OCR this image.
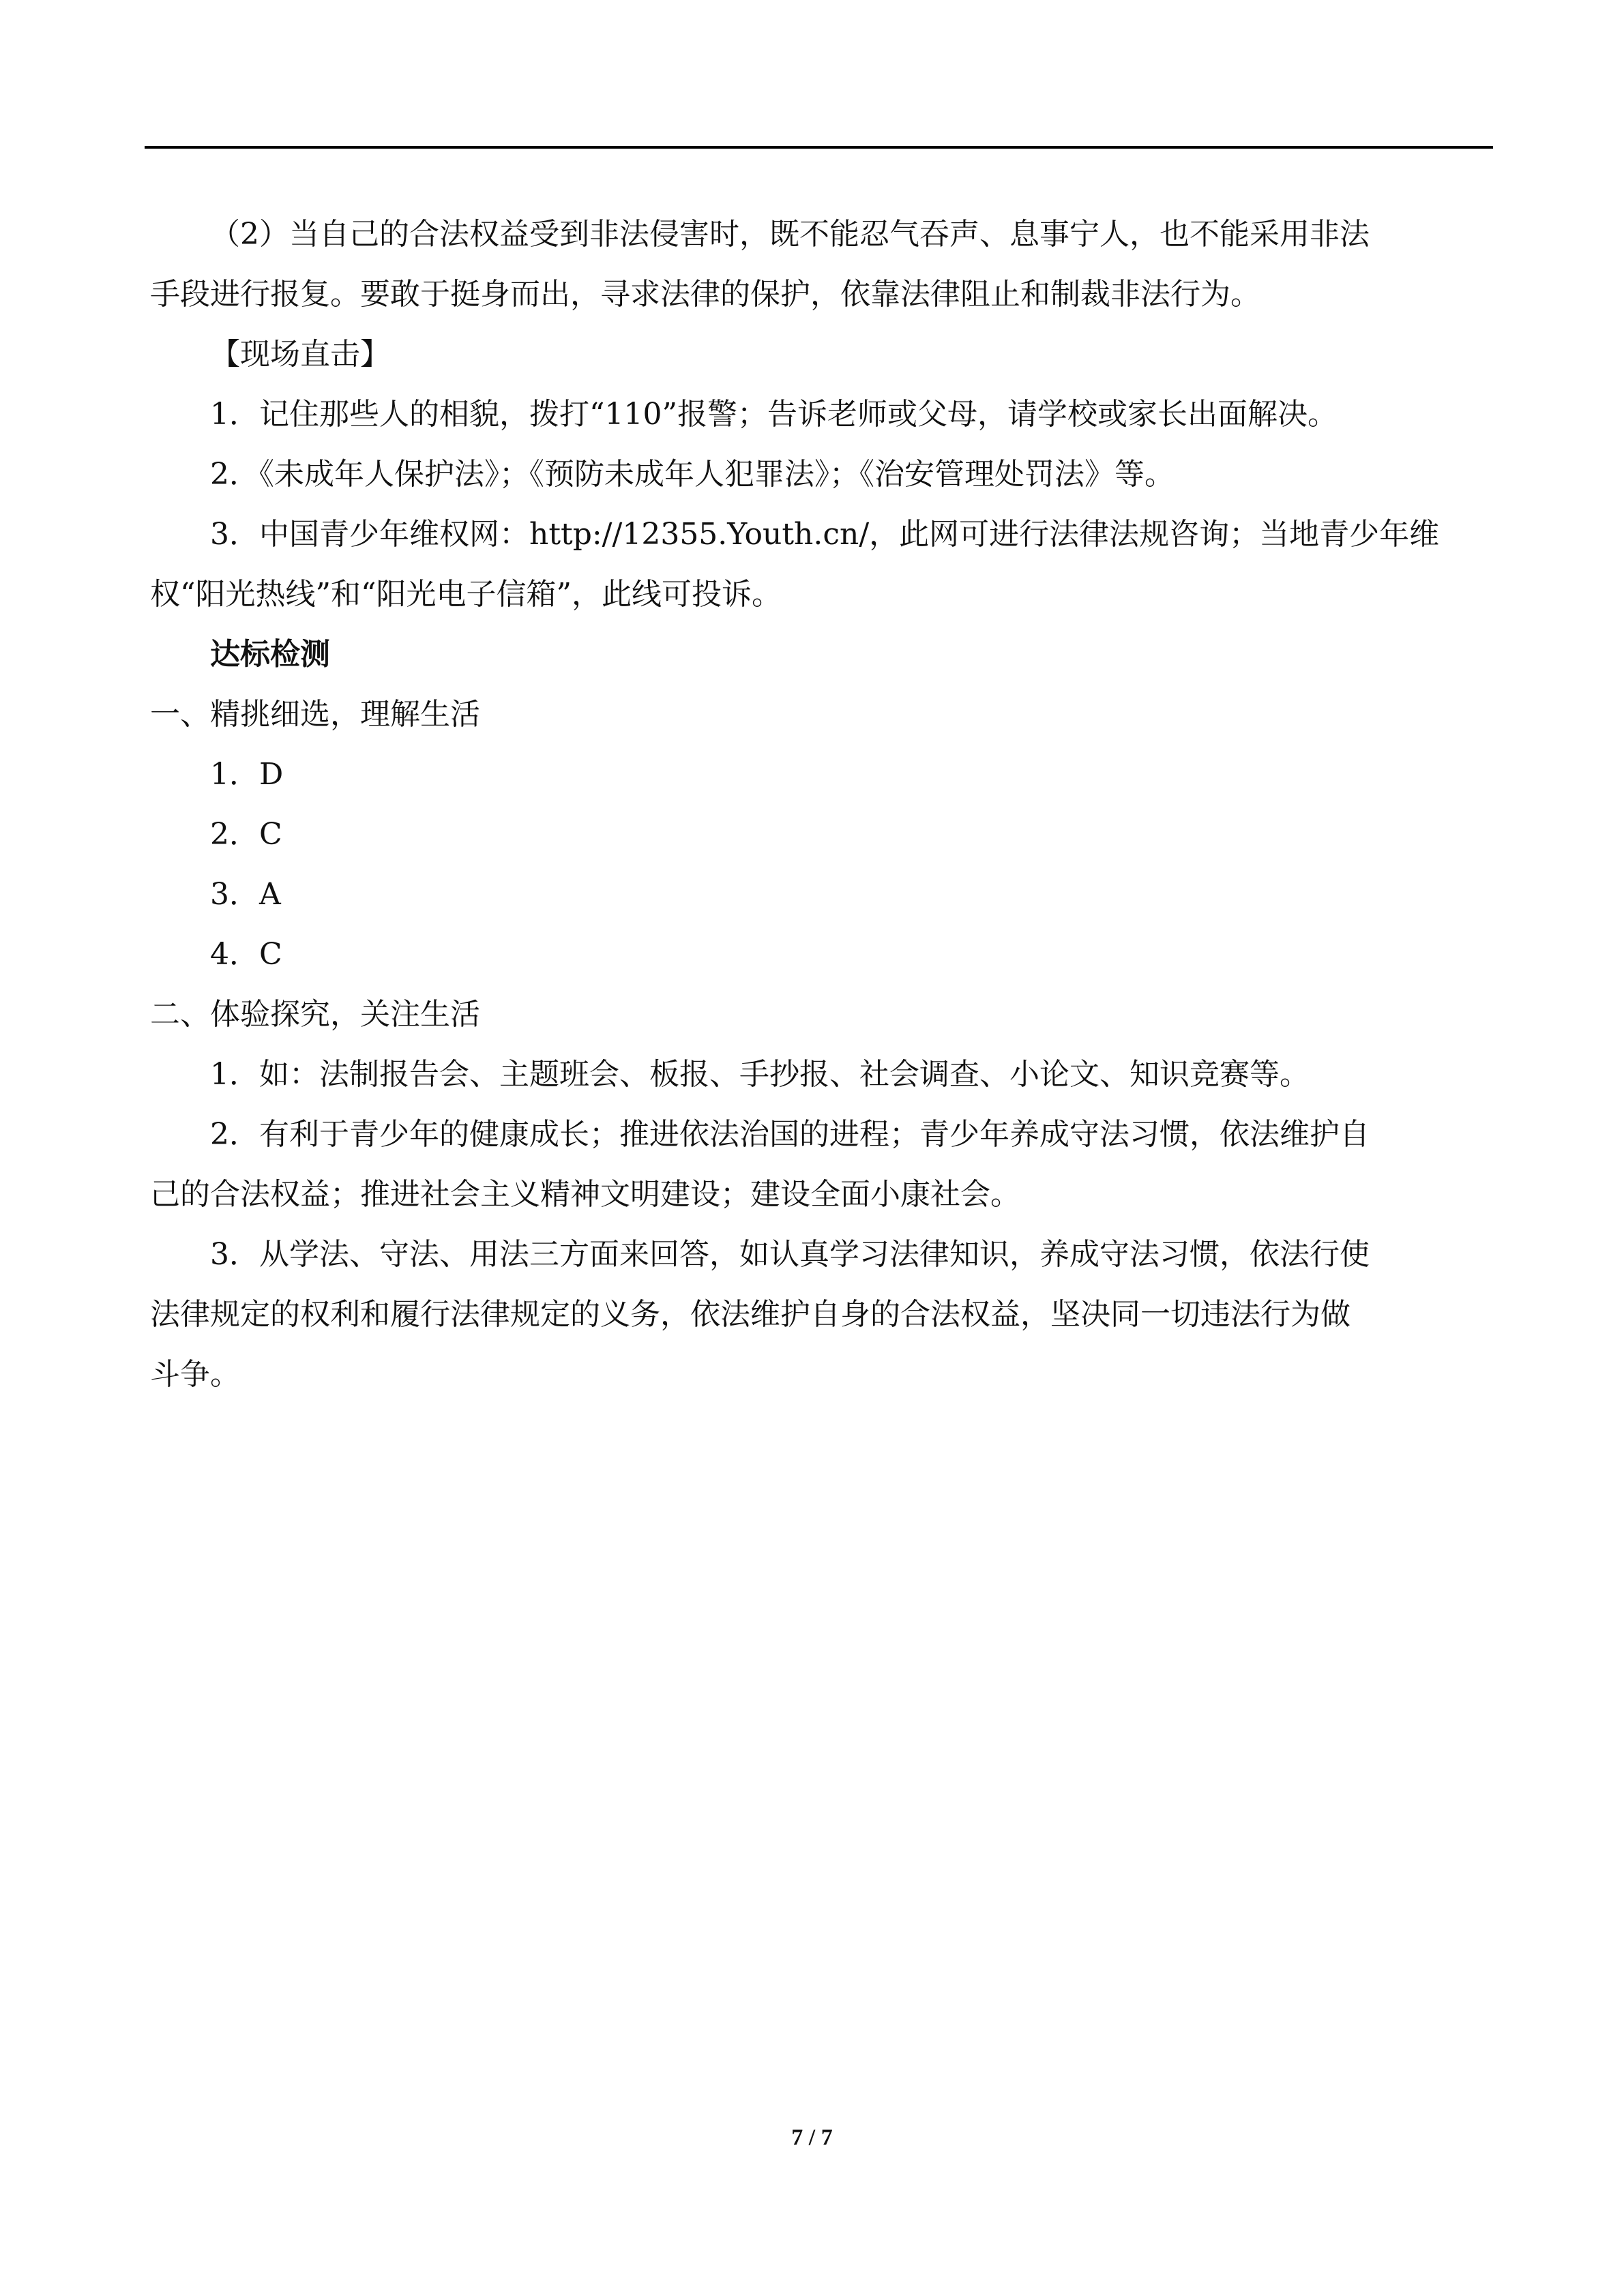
（2）当自己的合法权益受到非法侵害时，既不能忍气吞声、息事宁人，也不能采用非法
手段进行报复。要敢于挺身而出，寻求法律的保护，依靠法律阻止和制裁非法行为。
【现场直击】
1．记住那些人的相貌，拨打“110”报警；告诉老师或父母，请学校或家长出面解决。
2．《未成年人保护法》；《预防未成年人犯罪法》；《治安管理处罚法》等。
3．中国青少年维权网：http://12355.Youth.cn/，此网可进行法律法规咨询；当地青少年维
权“阳光热线”和“阳光电子信箱”，此线可投诉。
达标检测
一、精挑细选，理解生活
1．D
2．C
3．A
4．C
二、体验探究，关注生活
1．如：法制报告会、主题班会、板报、手抄报、社会调查、小论文、知识竞赛等。
2．有利于青少年的健康成长；推进依法治国的进程；青少年养成守法习惯，依法维护自
己的合法权益；推进社会主义精神文明建设；建设全面小康社会。
3．从学法、守法、用法三方面来回答，如认真学习法律知识，养成守法习惯，依法行使
法律规定的权利和履行法律规定的义务，依法维护自身的合法权益，坚决同一切违法行为做
斗争。
7 / 7
